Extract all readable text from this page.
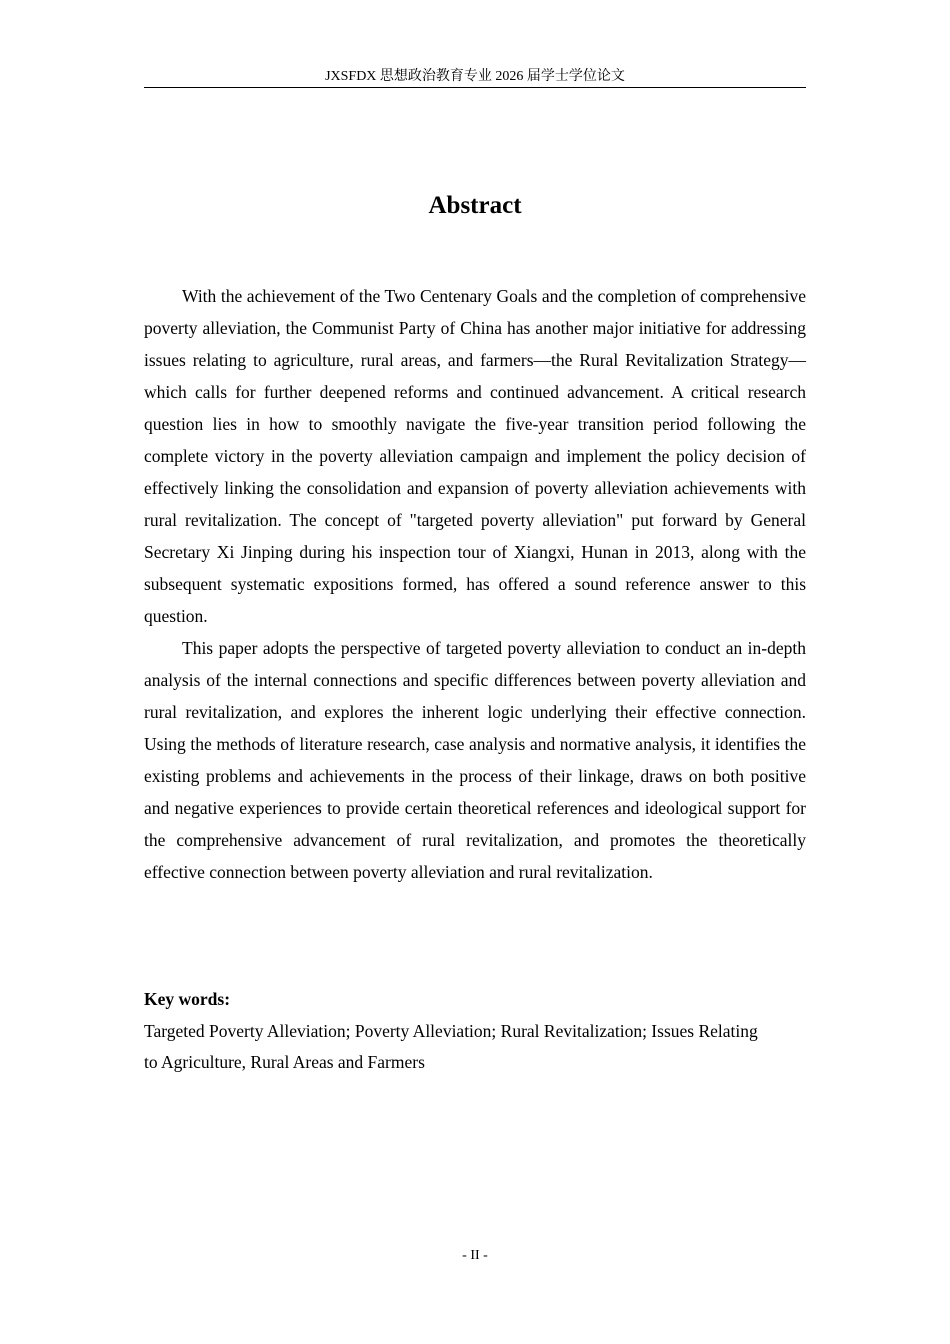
JXSFDX 思想政治教育专业 2026 届学士学位论文
Abstract

With the achievement of the Two Centenary Goals and the completion of comprehensive poverty alleviation, the Communist Party of China has another major initiative for addressing issues relating to agriculture, rural areas, and farmers—the Rural Revitalization Strategy—which calls for further deepened reforms and continued advancement. A critical research question lies in how to smoothly navigate the five-year transition period following the complete victory in the poverty alleviation campaign and implement the policy decision of effectively linking the consolidation and expansion of poverty alleviation achievements with rural revitalization. The concept of "targeted poverty alleviation" put forward by General Secretary Xi Jinping during his inspection tour of Xiangxi, Hunan in 2013, along with the subsequent systematic expositions formed, has offered a sound reference answer to this question.

This paper adopts the perspective of targeted poverty alleviation to conduct an in-depth analysis of the internal connections and specific differences between poverty alleviation and rural revitalization, and explores the inherent logic underlying their effective connection. Using the methods of literature research, case analysis and normative analysis, it identifies the existing problems and achievements in the process of their linkage, draws on both positive and negative experiences to provide certain theoretical references and ideological support for the comprehensive advancement of rural revitalization, and promotes the theoretically effective connection between poverty alleviation and rural revitalization.

Key words:
Targeted Poverty Alleviation; Poverty Alleviation; Rural Revitalization; Issues Relating to Agriculture, Rural Areas and Farmers
- II -
